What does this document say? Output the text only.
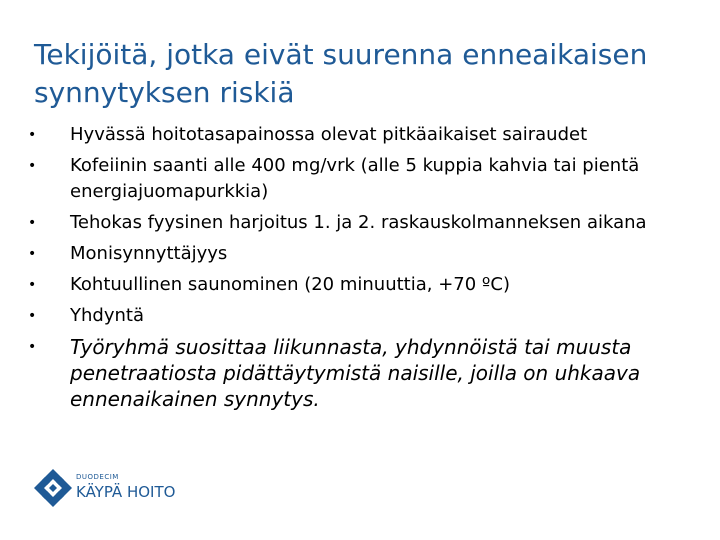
Tekijöitä, jotka eivät suurenna enneaikaisen synnytyksen riskiä
• Hyvässä hoitotasapainossa olevat pitkäaikaiset sairaudet
• Kofeiinin saanti alle 400 mg/vrk (alle 5 kuppia kahvia tai pientä energiajuomapurkkia)
• Tehokas fyysinen harjoitus 1. ja 2. raskauskolmanneksen aikana
• Monisynnyttäjyys
• Kohtuullinen saunominen (20 minuuttia, +70 ºC)
• Yhdyntä
• Työryhmä suosittaa liikunnasta, yhdynnöistä tai muusta penetraatiosta pidättäytymistä naisille, joilla on uhkaava ennenaikainen synnytys.
DUODECIM
KÄYPÄ HOITO
